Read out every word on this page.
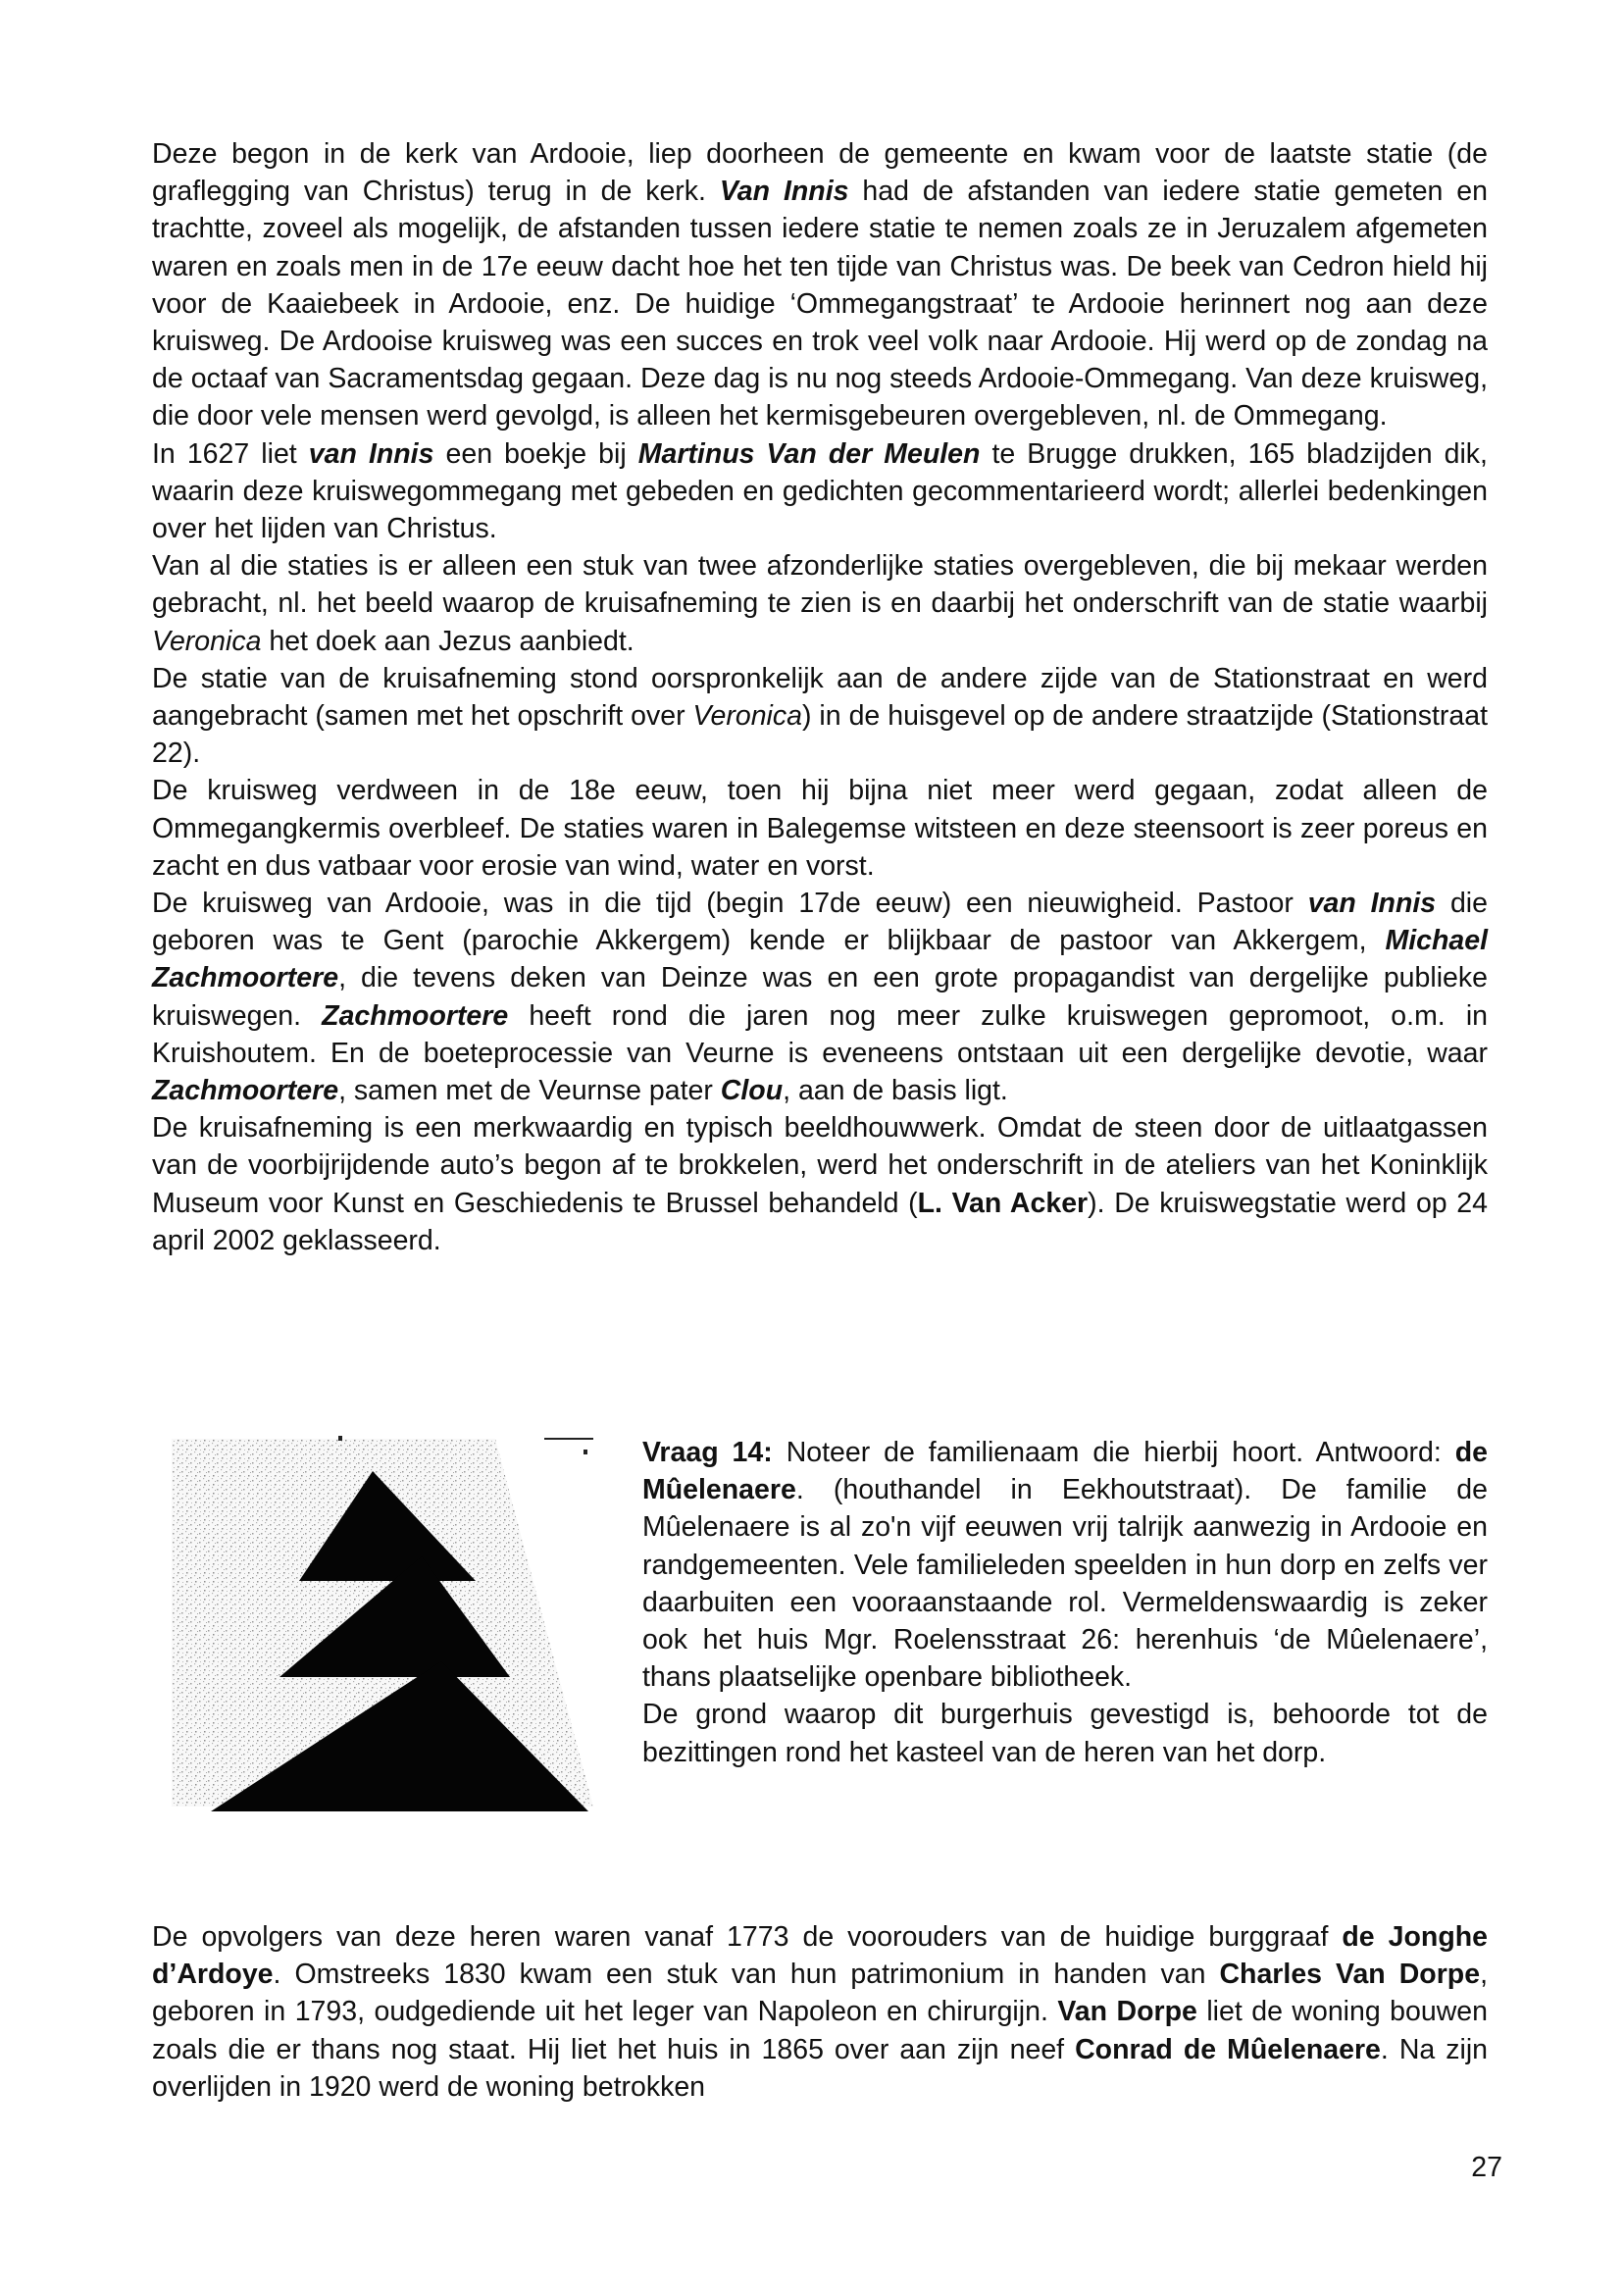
Deze begon in de kerk van Ardooie, liep doorheen de gemeente en kwam voor de laatste statie (de graflegging van Christus) terug in de kerk. Van Innis had de afstanden van iedere statie gemeten en trachtte, zoveel als mogelijk, de afstanden tussen iedere statie te nemen zoals ze in Jeruzalem afgemeten waren en zoals men in de 17e eeuw dacht hoe het ten tijde van Christus was. De beek van Cedron hield hij voor de Kaaiebeek in Ardooie, enz. De huidige ‘Ommegangstraat’ te Ardooie herinnert nog aan deze kruisweg. De Ardooise kruisweg was een succes en trok veel volk naar Ardooie. Hij werd op de zondag na de octaaf van Sacramentsdag gegaan. Deze dag is nu nog steeds Ardooie-Ommegang. Van deze kruisweg, die door vele mensen werd gevolgd, is alleen het kermisgebeuren overgebleven, nl. de Ommegang.

In 1627 liet van Innis een boekje bij Martinus Van der Meulen te Brugge drukken, 165 bladzijden dik, waarin deze kruiswegommegang met gebeden en gedichten gecommentarieerd wordt; allerlei bedenkingen over het lijden van Christus.

Van al die staties is er alleen een stuk van twee afzonderlijke staties overgebleven, die bij mekaar werden gebracht, nl. het beeld waarop de kruisafneming te zien is en daarbij het onderschrift van de statie waarbij Veronica het doek aan Jezus aanbiedt.

De statie van de kruisafneming stond oorspronkelijk aan de andere zijde van de Stationstraat en werd aangebracht (samen met het opschrift over Veronica) in de huisgevel op de andere straatzijde (Stationstraat 22).

De kruisweg verdween in de 18e eeuw, toen hij bijna niet meer werd gegaan, zodat alleen de Ommegangkermis overbleef. De staties waren in Balegemse witsteen en deze steensoort is zeer poreus en zacht en dus vatbaar voor erosie van wind, water en vorst.

De kruisweg van Ardooie, was in die tijd (begin 17de eeuw) een nieuwigheid. Pastoor van Innis die geboren was te Gent (parochie Akkergem) kende er blijkbaar de pastoor van Akkergem, Michael Zachmoortere, die tevens deken van Deinze was en een grote propagandist van dergelijke publieke kruiswegen. Zachmoortere heeft rond die jaren nog meer zulke kruiswegen gepromoot, o.m. in Kruishoutem. En de boeteprocessie van Veurne is eveneens ontstaan uit een dergelijke devotie, waar Zachmoortere, samen met de Veurnse pater Clou, aan de basis ligt.

De kruisafneming is een merkwaardig en typisch beeldhouwwerk. Omdat de steen door de uitlaatgassen van de voorbijrijdende auto’s begon af te brokkelen, werd het onderschrift in de ateliers van het Koninklijk Museum voor Kunst en Geschiedenis te Brussel behandeld (L. Van Acker). De kruiswegstatie werd op 24 april 2002 geklasseerd.

Vraag 14: Noteer de familienaam die hierbij hoort. Antwoord: de Mûelenaere. (houthandel in Eekhoutstraat). De familie de Mûelenaere is al zo'n vijf eeuwen vrij talrijk aanwezig in Ardooie en randgemeenten. Vele familieleden speelden in hun dorp en zelfs ver daarbuiten een vooraanstaande rol. Vermeldenswaardig is zeker ook het huis Mgr. Roelensstraat 26: herenhuis ‘de Mûelenaere’, thans plaatselijke openbare bibliotheek.

De grond waarop dit burgerhuis gevestigd is, behoorde tot de bezittingen rond het kasteel van de heren van het dorp.

De opvolgers van deze heren waren vanaf 1773 de voorouders van de huidige burggraaf de Jonghe d’Ardoye. Omstreeks 1830 kwam een stuk van hun patrimonium in handen van Charles Van Dorpe, geboren in 1793, oudgediende uit het leger van Napoleon en chirurgijn. Van Dorpe liet de woning bouwen zoals die er thans nog staat. Hij liet het huis in 1865 over aan zijn neef Conrad de Mûelenaere. Na zijn overlijden in 1920 werd de woning betrokken

27
